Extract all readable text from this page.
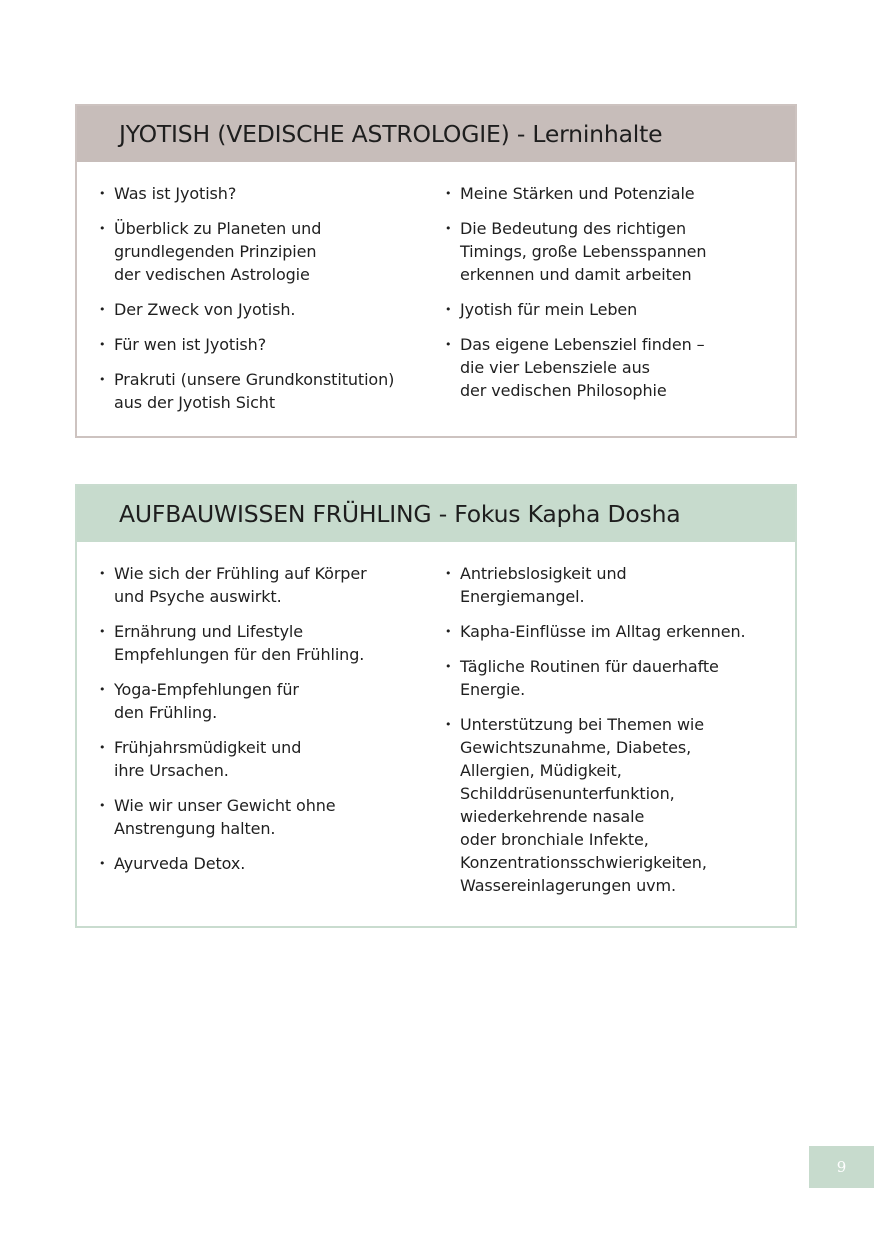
JYOTISH (VEDISCHE ASTROLOGIE) - Lerninhalte
• Was ist Jyotish?
• Überblick zu Planeten und
grundlegenden Prinzipien
der vedischen Astrologie
• Der Zweck von Jyotish.
• Für wen ist Jyotish?
• Prakruti (unsere Grundkonstitution)
aus der Jyotish Sicht
• Meine Stärken und Potenziale
• Die Bedeutung des richtigen
Timings, große Lebensspannen
erkennen und damit arbeiten
• Jyotish für mein Leben
• Das eigene Lebensziel finden –
die vier Lebensziele aus
der vedischen Philosophie
AUFBAUWISSEN FRÜHLING - Fokus Kapha Dosha
• Wie sich der Frühling auf Körper
und Psyche auswirkt.
• Ernährung und Lifestyle
Empfehlungen für den Frühling.
• Yoga-Empfehlungen für
den Frühling.
• Frühjahrsmüdigkeit und
ihre Ursachen.
• Wie wir unser Gewicht ohne
Anstrengung halten.
• Ayurveda Detox.
• Antriebslosigkeit und
Energiemangel.
• Kapha-Einflüsse im Alltag erkennen.
• Tägliche Routinen für dauerhafte
Energie.
• Unterstützung bei Themen wie
Gewichtszunahme, Diabetes,
Allergien, Müdigkeit,
Schilddrüsenunterfunktion,
wiederkehrende nasale
oder bronchiale Infekte,
Konzentrationsschwierigkeiten,
Wassereinlagerungen uvm.
9
